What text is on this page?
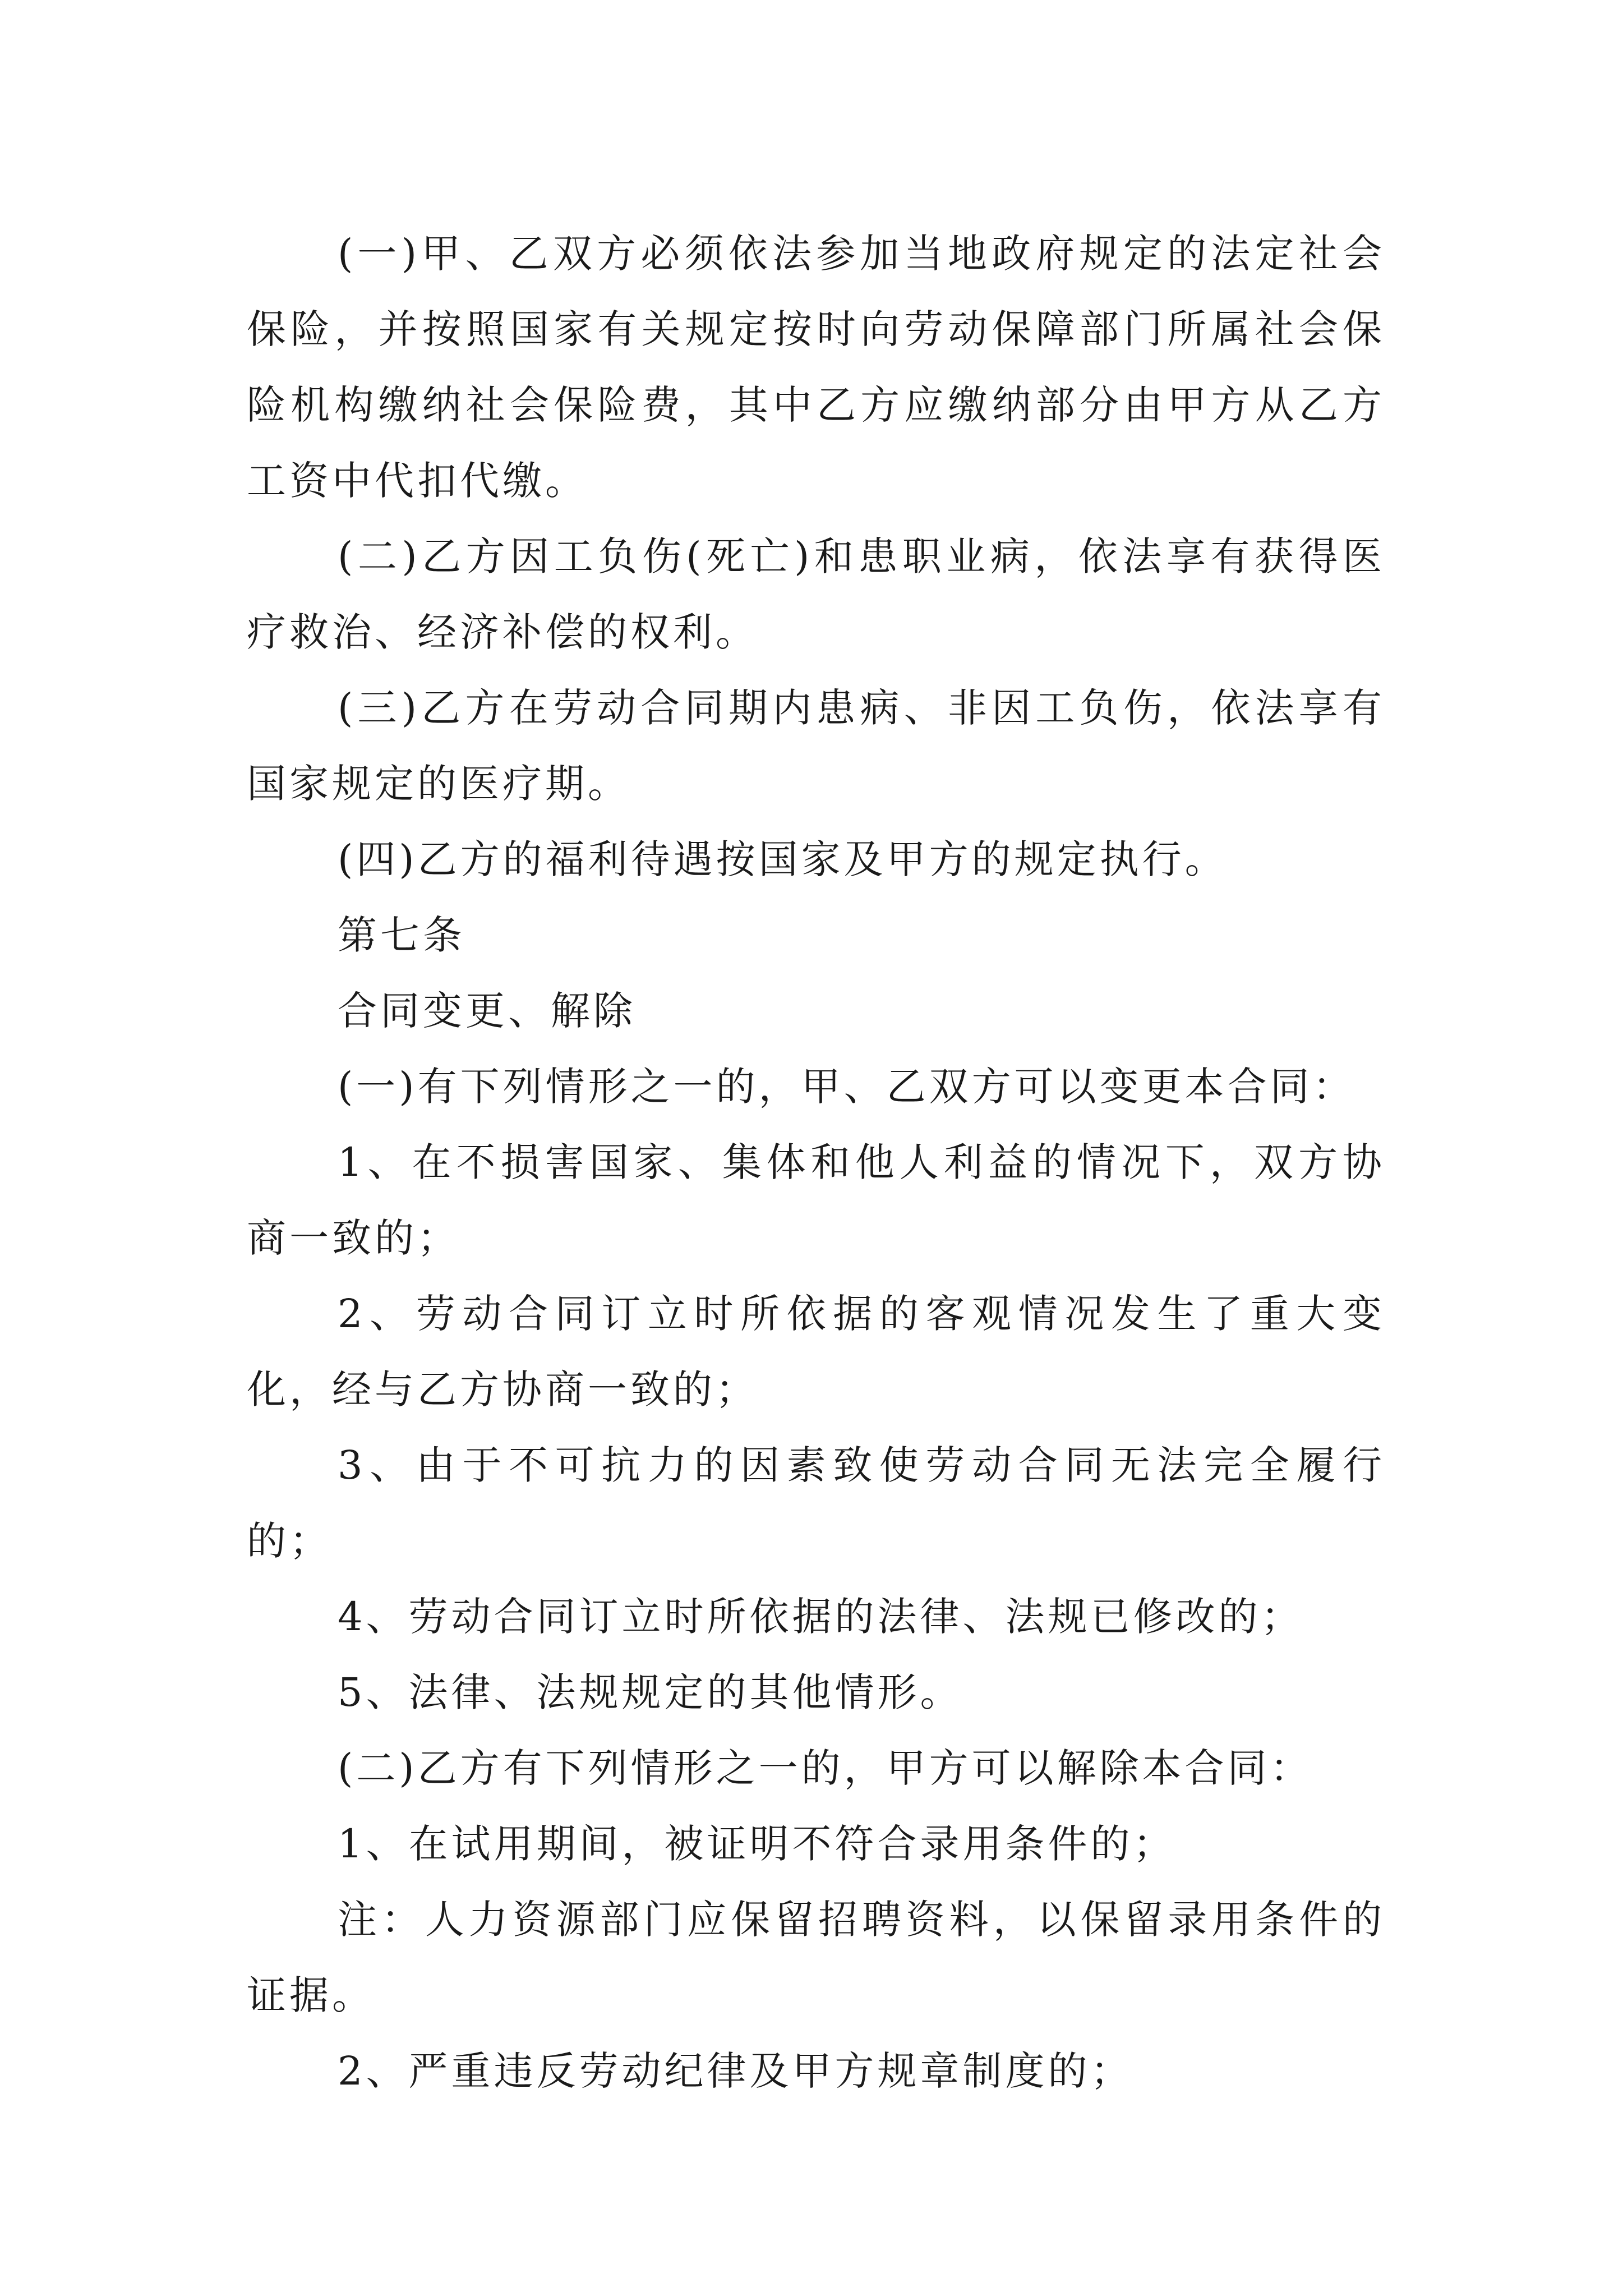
(一)甲、乙双方必须依法参加当地政府规定的法定社会保险，并按照国家有关规定按时向劳动保障部门所属社会保险机构缴纳社会保险费，其中乙方应缴纳部分由甲方从乙方工资中代扣代缴。

(二)乙方因工负伤(死亡)和患职业病，依法享有获得医疗救治、经济补偿的权利。

(三)乙方在劳动合同期内患病、非因工负伤，依法享有国家规定的医疗期。

(四)乙方的福利待遇按国家及甲方的规定执行。

第七条

合同变更、解除

(一)有下列情形之一的，甲、乙双方可以变更本合同：

1、在不损害国家、集体和他人利益的情况下，双方协商一致的；

2、劳动合同订立时所依据的客观情况发生了重大变化，经与乙方协商一致的；

3、由于不可抗力的因素致使劳动合同无法完全履行的；

4、劳动合同订立时所依据的法律、法规已修改的；

5、法律、法规规定的其他情形。

(二)乙方有下列情形之一的，甲方可以解除本合同：

1、在试用期间，被证明不符合录用条件的；

注：人力资源部门应保留招聘资料，以保留录用条件的证据。

2、严重违反劳动纪律及甲方规章制度的；
